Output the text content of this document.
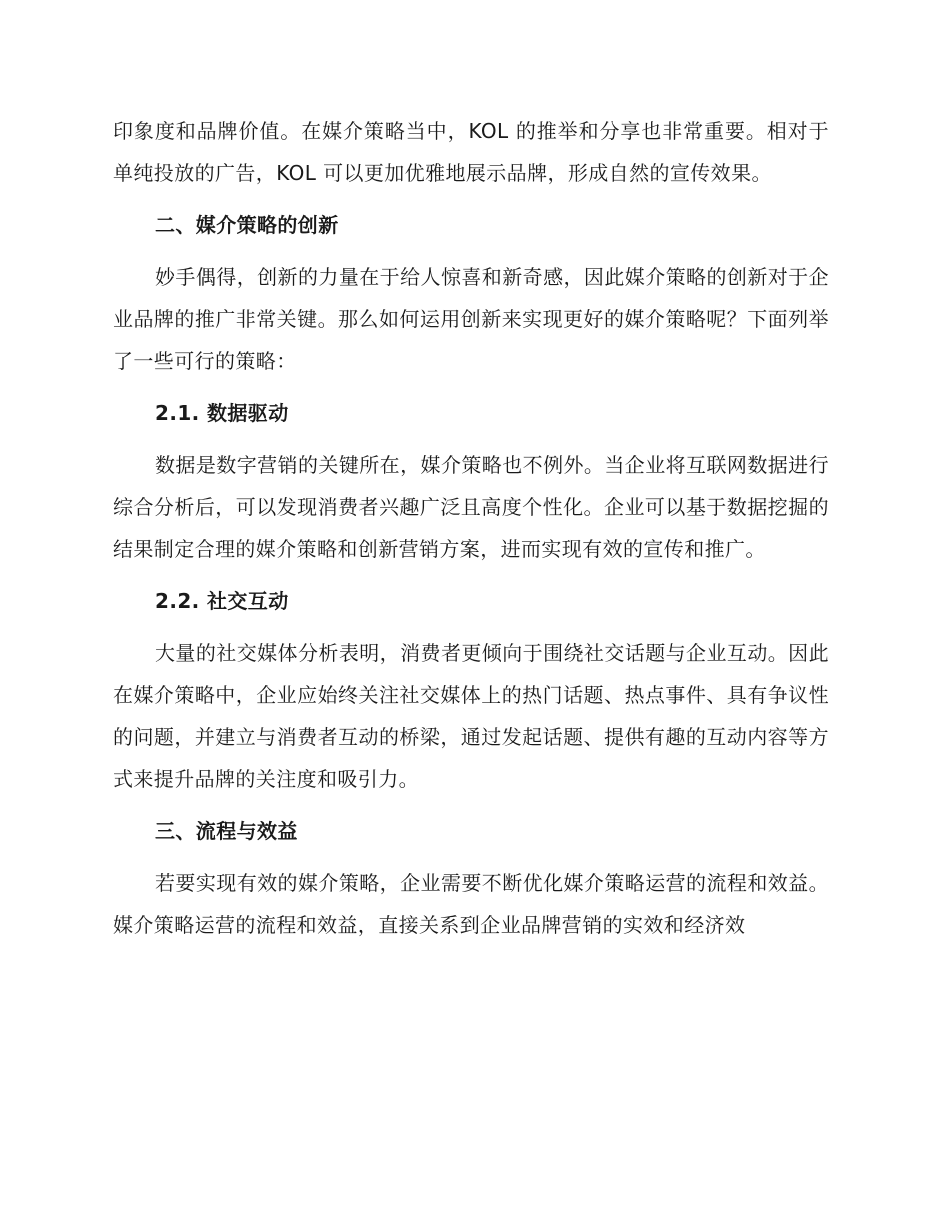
印象度和品牌价值。在媒介策略当中，KOL 的推举和分享也非常重要。相对于单纯投放的广告，KOL 可以更加优雅地展示品牌，形成自然的宣传效果。

二、媒介策略的创新

妙手偶得，创新的力量在于给人惊喜和新奇感，因此媒介策略的创新对于企业品牌的推广非常关键。那么如何运用创新来实现更好的媒介策略呢？下面列举了一些可行的策略：

2.1. 数据驱动

数据是数字营销的关键所在，媒介策略也不例外。当企业将互联网数据进行综合分析后，可以发现消费者兴趣广泛且高度个性化。企业可以基于数据挖掘的结果制定合理的媒介策略和创新营销方案，进而实现有效的宣传和推广。

2.2. 社交互动

大量的社交媒体分析表明，消费者更倾向于围绕社交话题与企业互动。因此在媒介策略中，企业应始终关注社交媒体上的热门话题、热点事件、具有争议性的问题，并建立与消费者互动的桥梁，通过发起话题、提供有趣的互动内容等方式来提升品牌的关注度和吸引力。

三、流程与效益

若要实现有效的媒介策略，企业需要不断优化媒介策略运营的流程和效益。媒介策略运营的流程和效益，直接关系到企业品牌营销的实效和经济效
